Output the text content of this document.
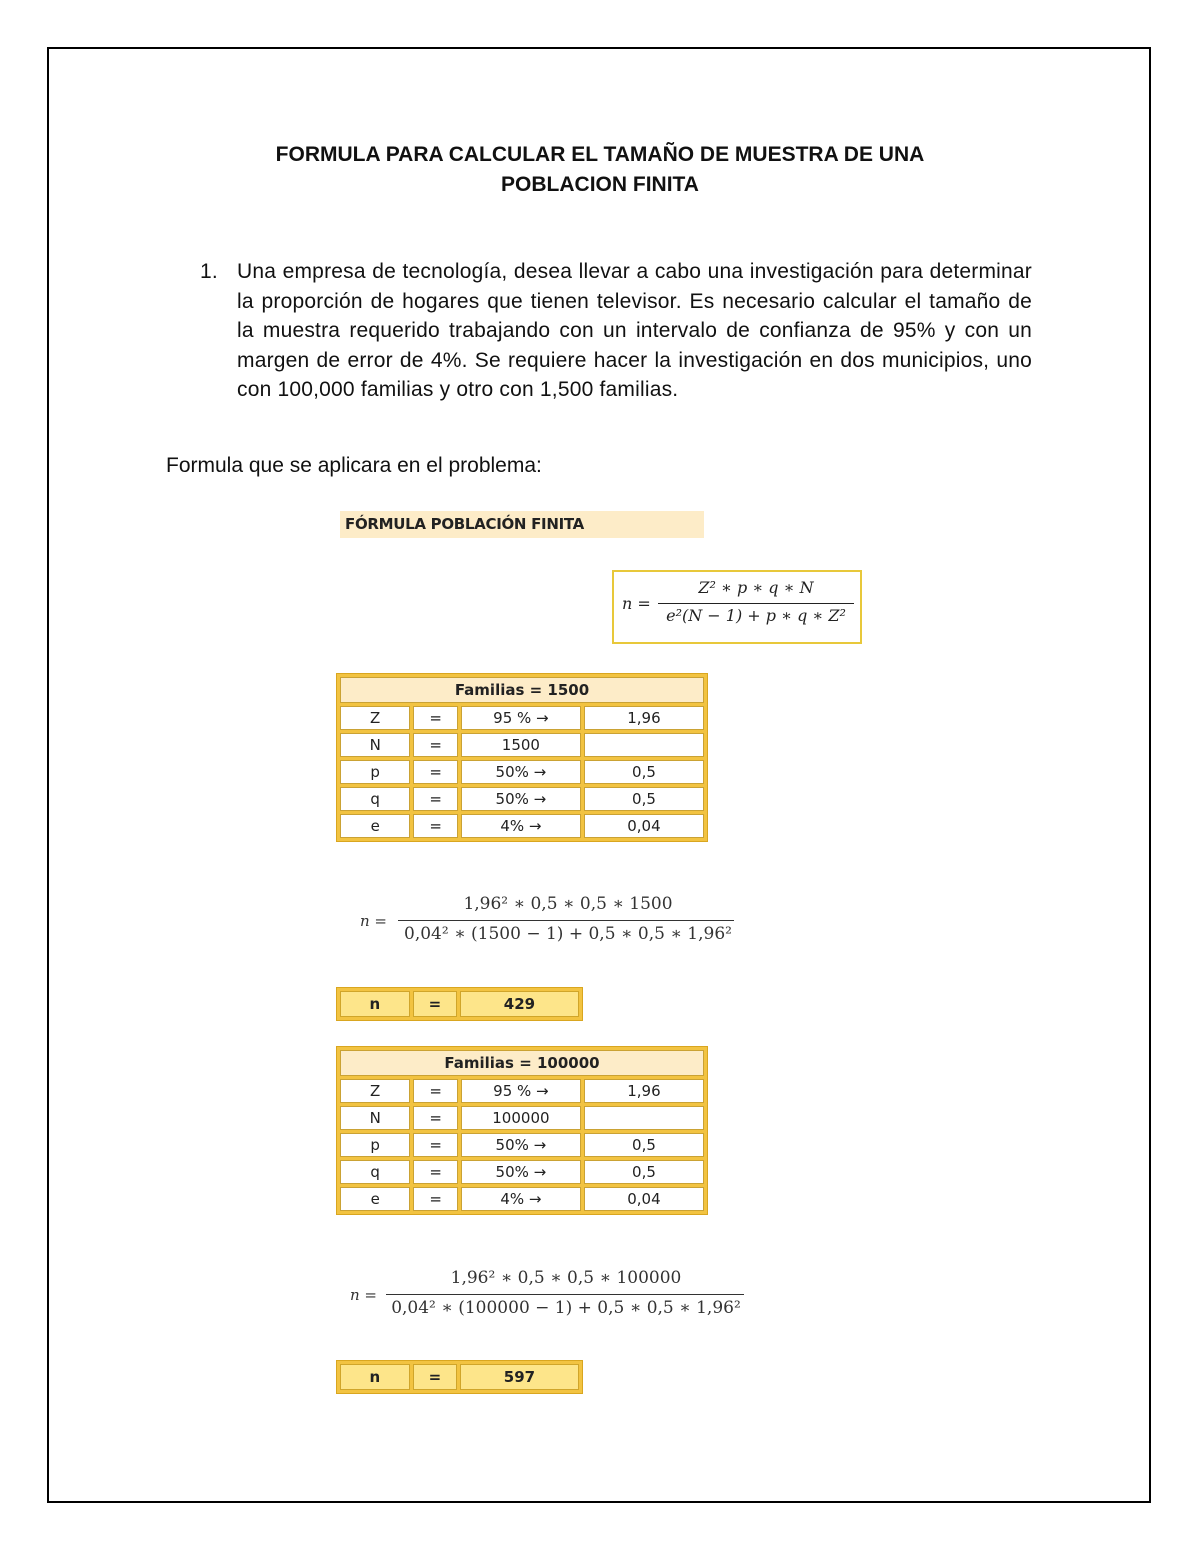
FORMULA PARA CALCULAR EL TAMAÑO DE MUESTRA DE UNA
POBLACION FINITA
1. Una empresa de tecnología, desea llevar a cabo una investigación para determinar la proporción de hogares que tienen televisor. Es necesario calcular el tamaño de la muestra requerido trabajando con un intervalo de confianza de 95% y con un margen de error de 4%. Se requiere hacer la investigación en dos municipios, uno con 100,000 familias y otro con 1,500 familias.
Formula que se aplicara en el problema:
FÓRMULA POBLACIÓN FINITA
n =
Z² ∗ p ∗ q ∗ N
e²(N − 1) + p ∗ q ∗ Z²
Familias = 1500			
Z	=	95 % →	1,96
N	=	1500	
p	=	50% →	0,5
q	=	50% →	0,5
e	=	4% →	0,04
n =
1,96² ∗ 0,5 ∗ 0,5 ∗ 1500
0,04² ∗ (1500 − 1) + 0,5 ∗ 0,5 ∗ 1,96²
n	=	429
Familias = 100000			
Z	=	95 % →	1,96
N	=	100000	
p	=	50% →	0,5
q	=	50% →	0,5
e	=	4% →	0,04
n =
1,96² ∗ 0,5 ∗ 0,5 ∗ 100000
0,04² ∗ (100000 − 1) + 0,5 ∗ 0,5 ∗ 1,96²
n	=	597
